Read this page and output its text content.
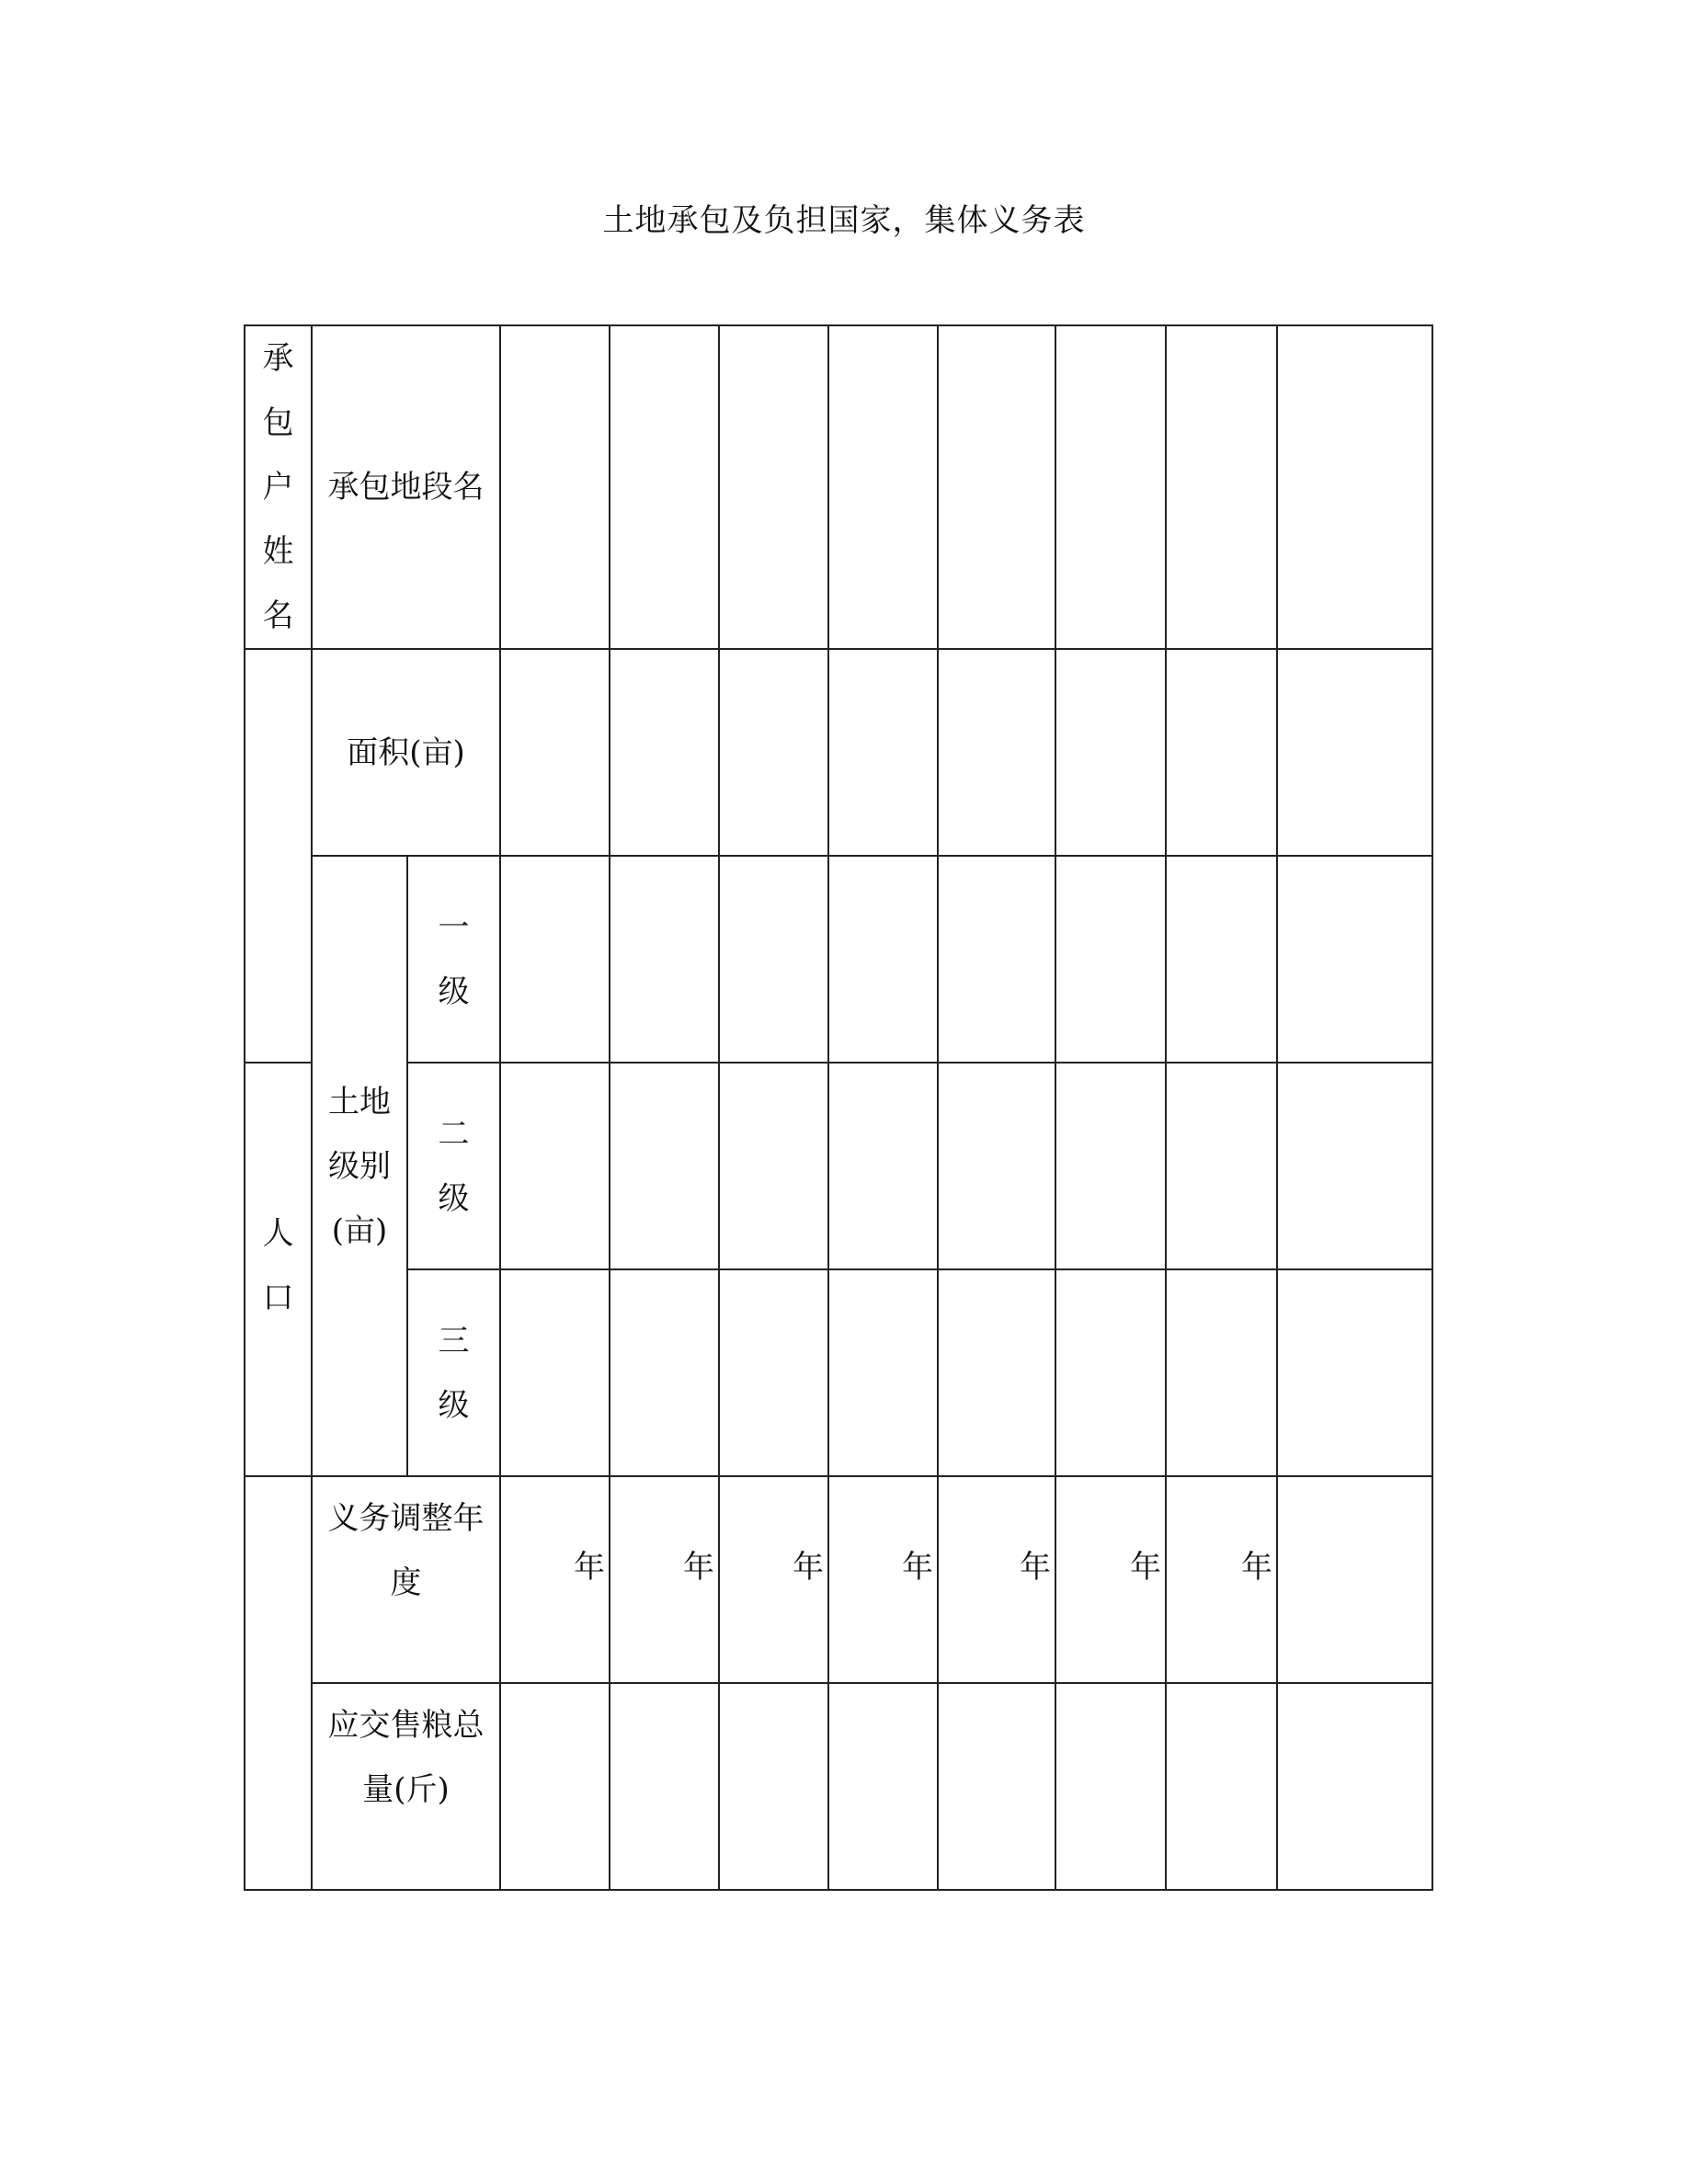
土地承包及负担国家，集体义务表
承包户姓名	承包地段名									
	面积(亩)									
	土地级别(亩)	一级								
人口		二级								
		三级								
	义务调整年度		年	年	年	年	年	年	年	
	应交售粮总量(斤)									
